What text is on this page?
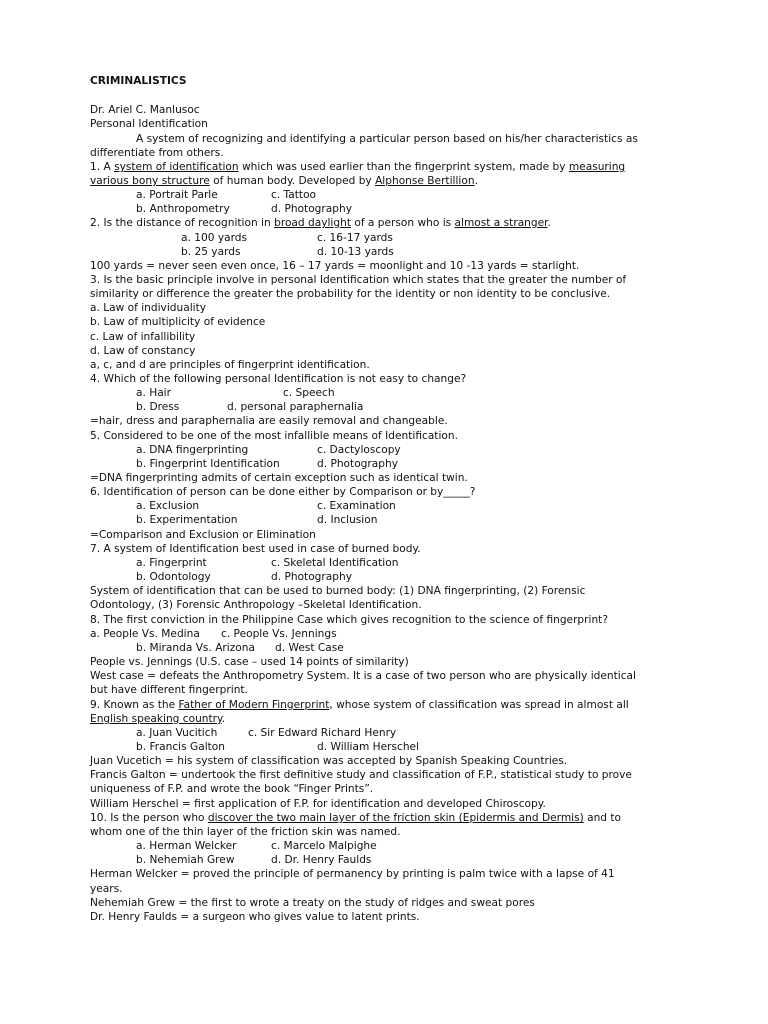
CRIMINALISTICS
Dr. Ariel C. Manlusoc
Personal Identification
A system of recognizing and identifying a particular person based on his/her characteristics as
differentiate from others.
1. A system of identification which was used earlier than the fingerprint system, made by measuring
various bony structure of human body. Developed by Alphonse Bertillion.
a. Portrait Parle	c. Tattoo
b. Anthropometry	d. Photography
2. Is the distance of recognition in broad daylight of a person who is almost a stranger.
a. 100 yards	c. 16-17 yards
b. 25 yards	d. 10-13 yards
100 yards = never seen even once, 16 – 17 yards = moonlight and 10 -13 yards = starlight.
3. Is the basic principle involve in personal Identification which states that the greater the number of
similarity or difference the greater the probability for the identity or non identity to be conclusive.
a. Law of individuality
b. Law of multiplicity of evidence
c. Law of infallibility
d. Law of constancy
a, c, and d are principles of fingerprint identification.
4. Which of the following personal Identification is not easy to change?
a. Hair	c. Speech
b. Dress	d. personal paraphernalia
=hair, dress and paraphernalia are easily removal and changeable.
5. Considered to be one of the most infallible means of Identification.
a. DNA fingerprinting	c. Dactyloscopy
b. Fingerprint Identification	d. Photography
=DNA fingerprinting admits of certain exception such as identical twin.
6. Identification of person can be done either by Comparison or by_____?
a. Exclusion	c. Examination
b. Experimentation	d. Inclusion
=Comparison and Exclusion or Elimination
7. A system of Identification best used in case of burned body.
a. Fingerprint	c. Skeletal Identification
b. Odontology	d. Photography
System of identification that can be used to burned body: (1) DNA fingerprinting, (2) Forensic
Odontology, (3) Forensic Anthropology –Skeletal Identification.
8. The first conviction in the Philippine Case which gives recognition to the science of fingerprint?
a. People Vs. Medina c. People Vs. Jennings
b. Miranda Vs. Arizona d. West Case
People vs. Jennings (U.S. case – used 14 points of similarity)
West case = defeats the Anthropometry System. It is a case of two person who are physically identical
but have different fingerprint.
9. Known as the Father of Modern Fingerprint, whose system of classification was spread in almost all
English speaking country.
a. Juan Vucitich	c. Sir Edward Richard Henry
b. Francis Galton	d. William Herschel
Juan Vucetich = his system of classification was accepted by Spanish Speaking Countries.
Francis Galton = undertook the first definitive study and classification of F.P., statistical study to prove
uniqueness of F.P. and wrote the book “Finger Prints”.
William Herschel = first application of F.P. for identification and developed Chiroscopy.
10. Is the person who discover the two main layer of the friction skin (Epidermis and Dermis) and to
whom one of the thin layer of the friction skin was named.
a. Herman Welcker	c. Marcelo Malpighe
b. Nehemiah Grew	d. Dr. Henry Faulds
Herman Welcker = proved the principle of permanency by printing is palm twice with a lapse of 41
years.
Nehemiah Grew = the first to wrote a treaty on the study of ridges and sweat pores
Dr. Henry Faulds = a surgeon who gives value to latent prints.
